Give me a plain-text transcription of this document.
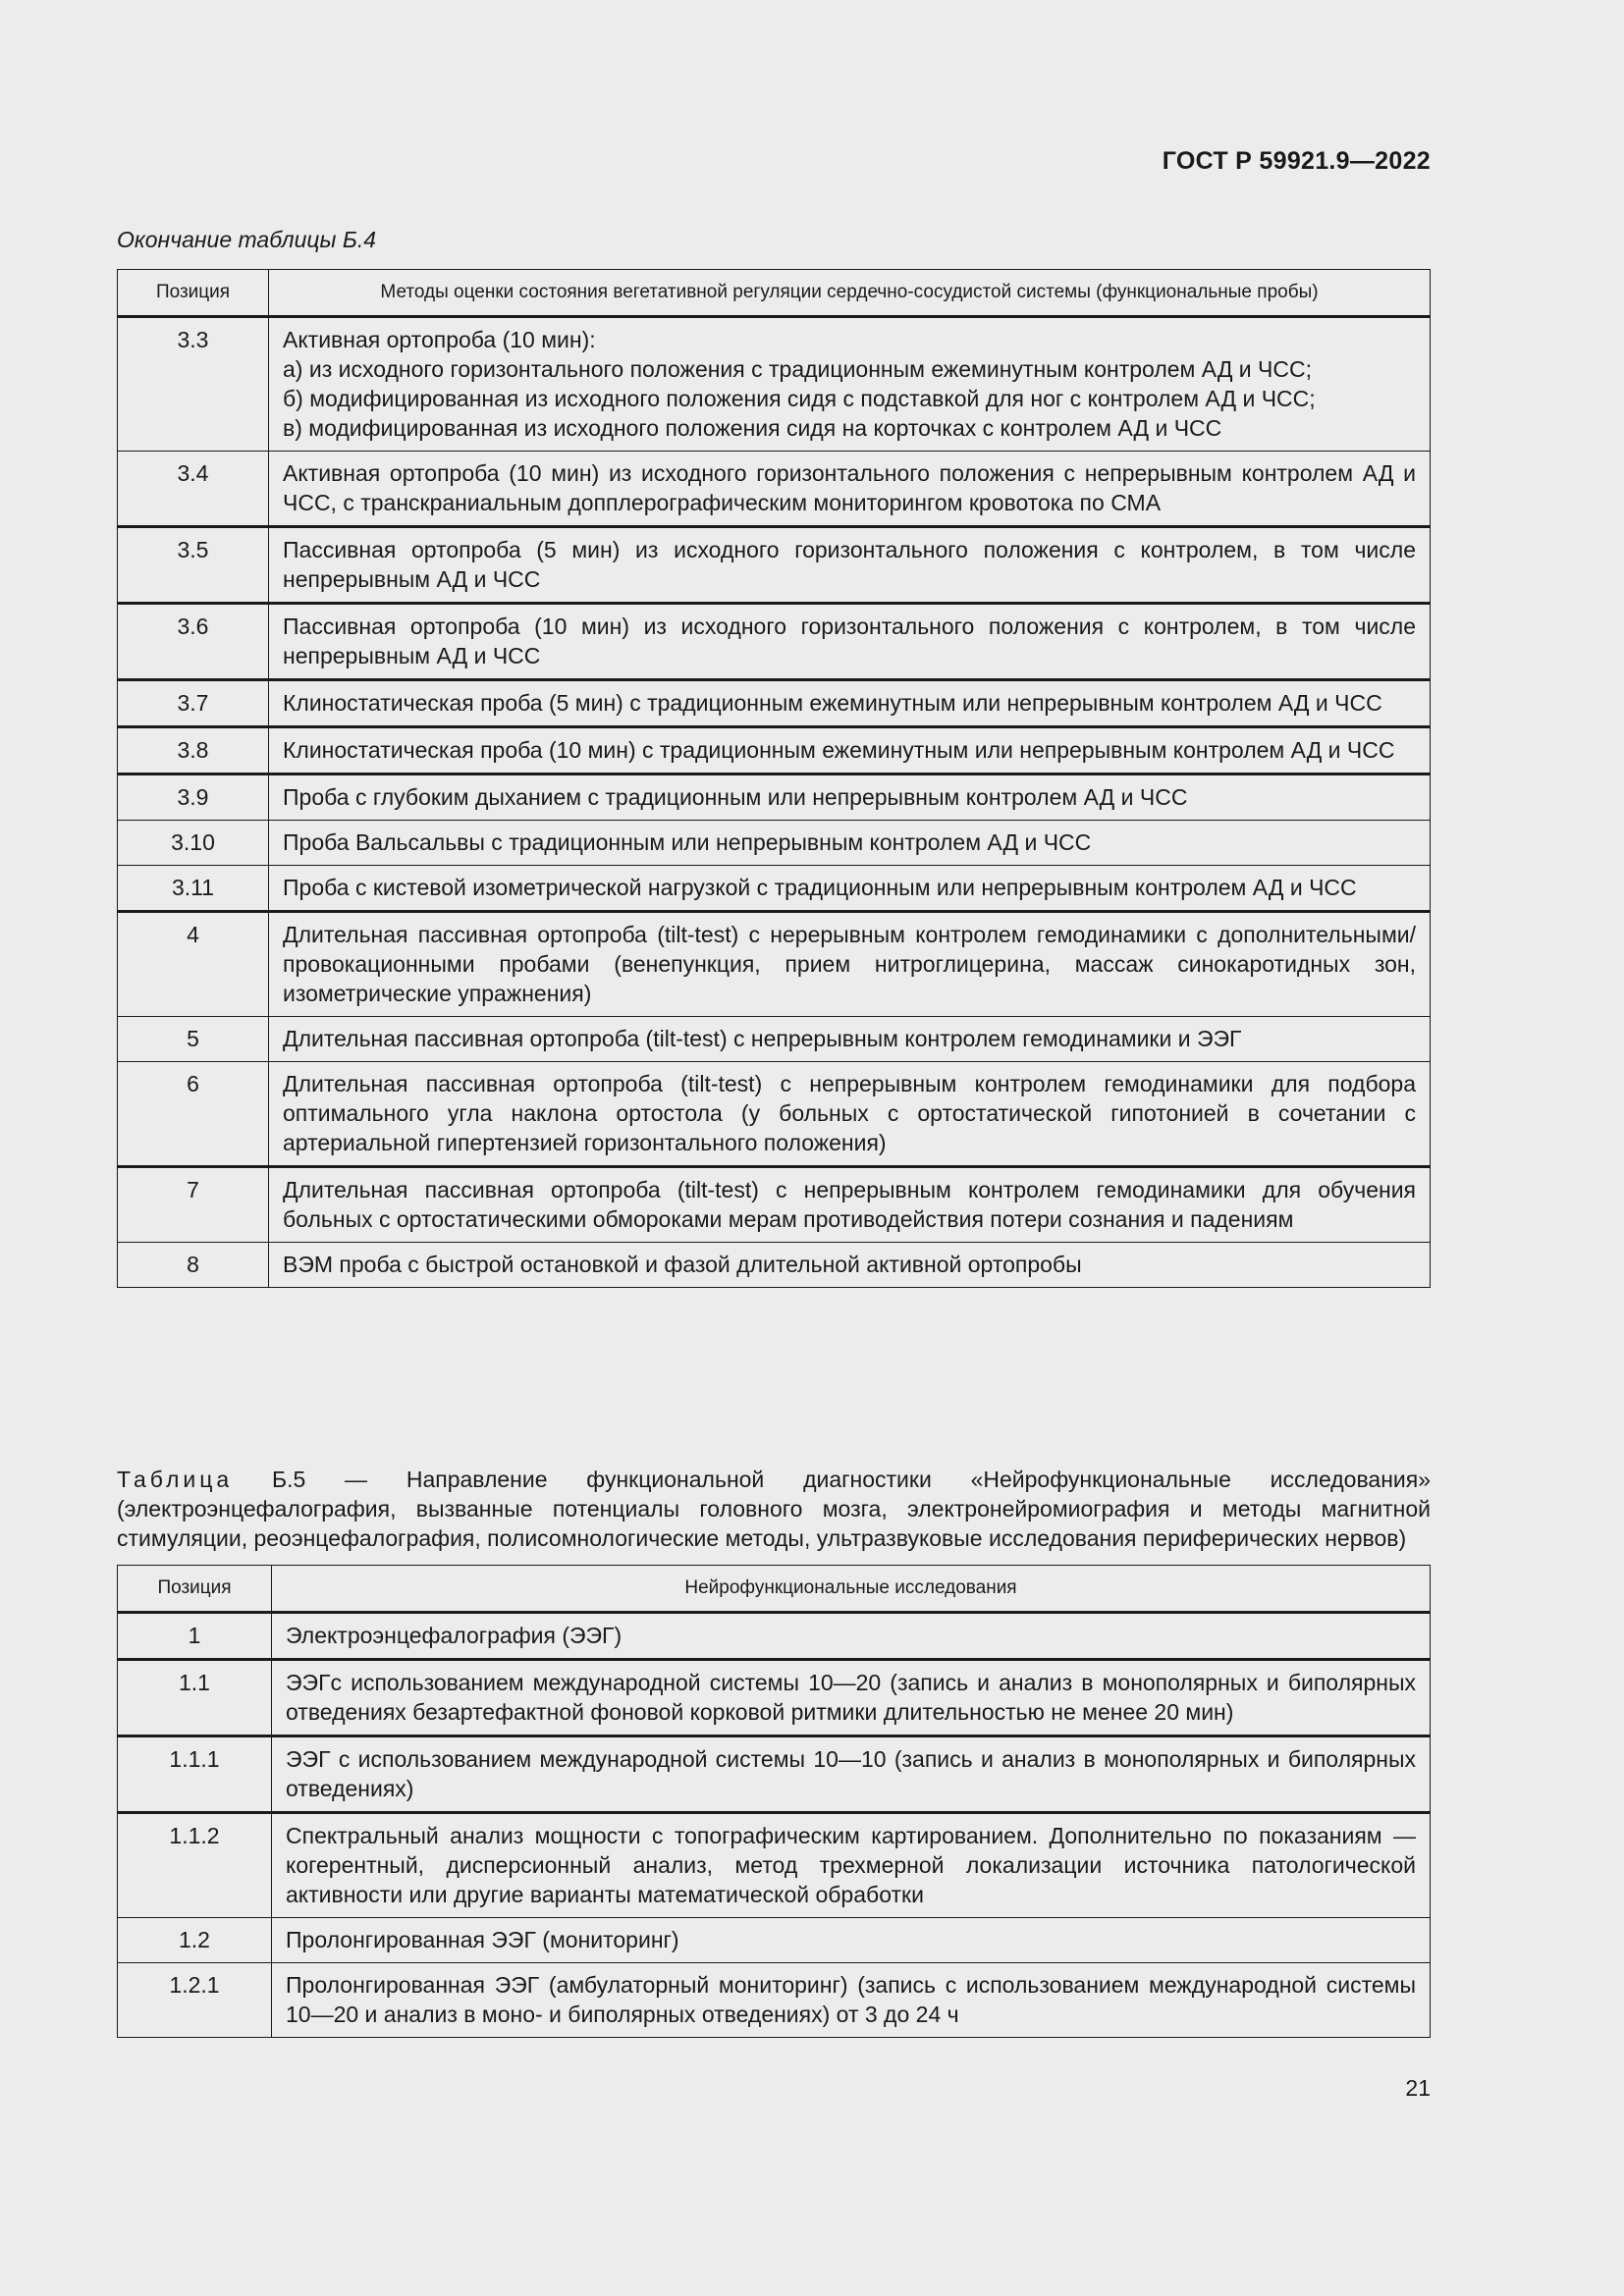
ГОСТ Р 59921.9—2022
Окончание таблицы Б.4
Позиция	Методы оценки состояния вегетативной регуляции сердечно-сосудистой системы (функциональные пробы)
3.3	Активная ортопроба (10 мин):
а) из исходного горизонтального положения с традиционным ежеминутным контролем АД и ЧСС;
б) модифицированная из исходного положения сидя с подставкой для ног с контролем АД и ЧСС;
в) модифицированная из исходного положения сидя на корточках с контролем АД и ЧСС

3.4	Активная ортопроба (10 мин) из исходного горизонтального положения с непрерывным контролем АД и ЧСС, с транскраниальным допплерографическим мониторингом кровотока по СМА

3.5	Пассивная ортопроба (5 мин) из исходного горизонтального положения с контролем, в том числе непрерывным АД и ЧСС

3.6	Пассивная ортопроба (10 мин) из исходного горизонтального положения с контролем, в том числе непрерывным АД и ЧСС

3.7	Клиностатическая проба (5 мин) с традиционным ежеминутным или непрерывным контролем АД и ЧСС

3.8	Клиностатическая проба (10 мин) с традиционным ежеминутным или непрерывным контролем АД и ЧСС

3.9	Проба с глубоким дыханием с традиционным или непрерывным контролем АД и ЧСС

3.10	Проба Вальсальвы с традиционным или непрерывным контролем АД и ЧСС

3.11	Проба с кистевой изометрической нагрузкой с традиционным или непрерывным контролем АД и ЧСС

4	Длительная пассивная ортопроба (tilt-test) с нерерывным контролем гемодинамики с дополнительными/провокационными пробами (венепункция, прием нитроглицерина, массаж синокаротидных зон, изометрические упражнения)

5	Длительная пассивная ортопроба (tilt-test) с непрерывным контролем гемодинамики и ЭЭГ

6	Длительная пассивная ортопроба (tilt-test) с непрерывным контролем гемодинамики для подбора оптимального угла наклона ортостола (у больных с ортостатической гипотонией в сочетании с артериальной гипертензией горизонтального положения)

7	Длительная пассивная ортопроба (tilt-test) с непрерывным контролем гемодинамики для обучения больных с ортостатическими обмороками мерам противодействия потери сознания и падениям

8	ВЭМ проба с быстрой остановкой и фазой длительной активной ортопробы
Таблица Б.5 — Направление функциональной диагностики «Нейрофункциональные исследования» (электроэнцефалография, вызванные потенциалы головного мозга, электронейромиография и методы магнитной стимуляции, реоэнцефалография, полисомнологические методы, ультразвуковые исследования периферических нервов)
Позиция	Нейрофункциональные исследования
1	Электроэнцефалография (ЭЭГ)

1.1	ЭЭГс использованием международной системы 10—20 (запись и анализ в монополярных и биполярных отведениях безартефактной фоновой корковой ритмики длительностью не менее 20 мин)

1.1.1	ЭЭГ с использованием международной системы 10—10 (запись и анализ в монополярных и биполярных отведениях)

1.1.2	Спектральный анализ мощности с топографическим картированием. Дополнительно по показаниям — когерентный, дисперсионный анализ, метод трехмерной локализации источника патологической активности или другие варианты математической обработки

1.2	Пролонгированная ЭЭГ (мониторинг)

1.2.1	Пролонгированная ЭЭГ (амбулаторный мониторинг) (запись с использованием международной системы 10—20 и анализ в моно- и биполярных отведениях) от 3 до 24 ч
21
